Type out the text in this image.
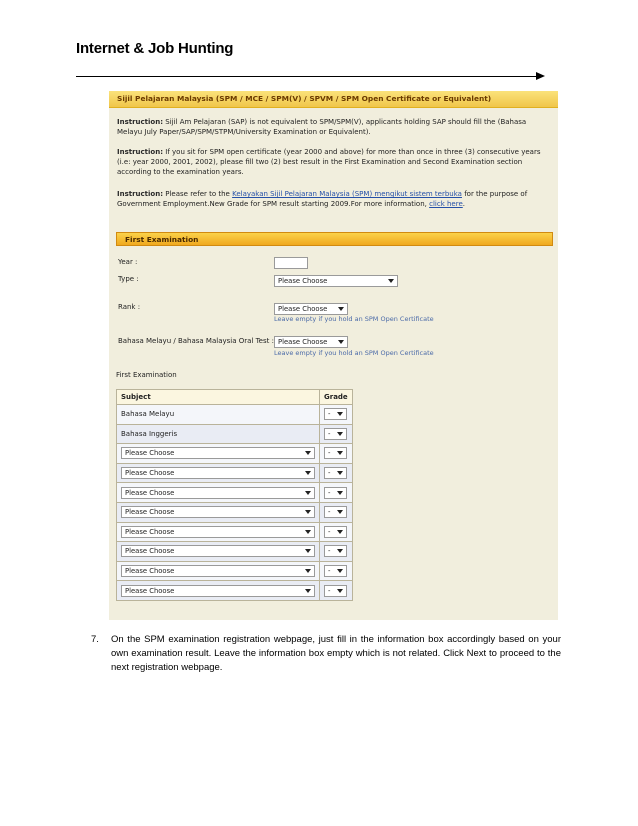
Internet & Job Hunting
Sijil Pelajaran Malaysia (SPM / MCE / SPM(V) / SPVM / SPM Open Certificate or Equivalent)
Instruction: Sijil Am Pelajaran (SAP) is not equivalent to SPM/SPM(V), applicants holding SAP should fill the (Bahasa Melayu July Paper/SAP/SPM/STPM/University Examination or Equivalent).
Instruction: If you sit for SPM open certificate (year 2000 and above) for more than once in three (3) consecutive years (i.e: year 2000, 2001, 2002), please fill two (2) best result in the First Examination and Second Examination section according to the examination years.
Instruction: Please refer to the Kelayakan Sijil Pelajaran Malaysia (SPM) mengikut sistem terbuka for the purpose of Government Employment.New Grade for SPM result starting 2009.For more information, click here.
First Examination
Year :
Type :	Please Choose
Rank :	Please Choose
Leave empty if you hold an SPM Open Certificate
Bahasa Melayu / Bahasa Malaysia Oral Test : Please Choose
Leave empty if you hold an SPM Open Certificate
First Examination
Subject	Grade
Bahasa Melayu	-

Bahasa Inggeris	-

Please Choose	-

Please Choose	-

Please Choose	-

Please Choose	-

Please Choose	-

Please Choose	-

Please Choose	-

Please Choose	-
7. On the SPM examination registration webpage, just fill in the information box accordingly based on your own examination result. Leave the information box empty which is not related. Click Next to proceed to the next registration webpage.
